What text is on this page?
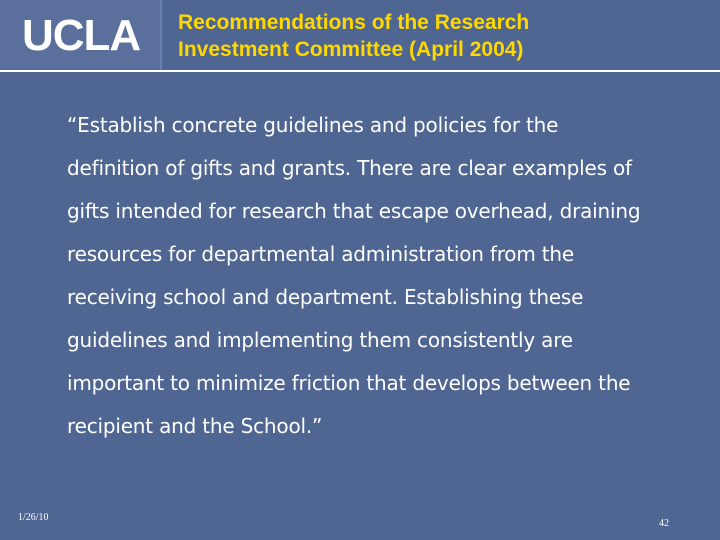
UCLA Recommendations of the Research
Investment Committee (April 2004)
“Establish concrete guidelines and policies for the
definition of gifts and grants. There are clear examples of
gifts intended for research that escape overhead, draining
resources for departmental administration from the
receiving school and department. Establishing these
guidelines and implementing them consistently are
important to minimize friction that develops between the
recipient and the School.”
1/26/10
42
